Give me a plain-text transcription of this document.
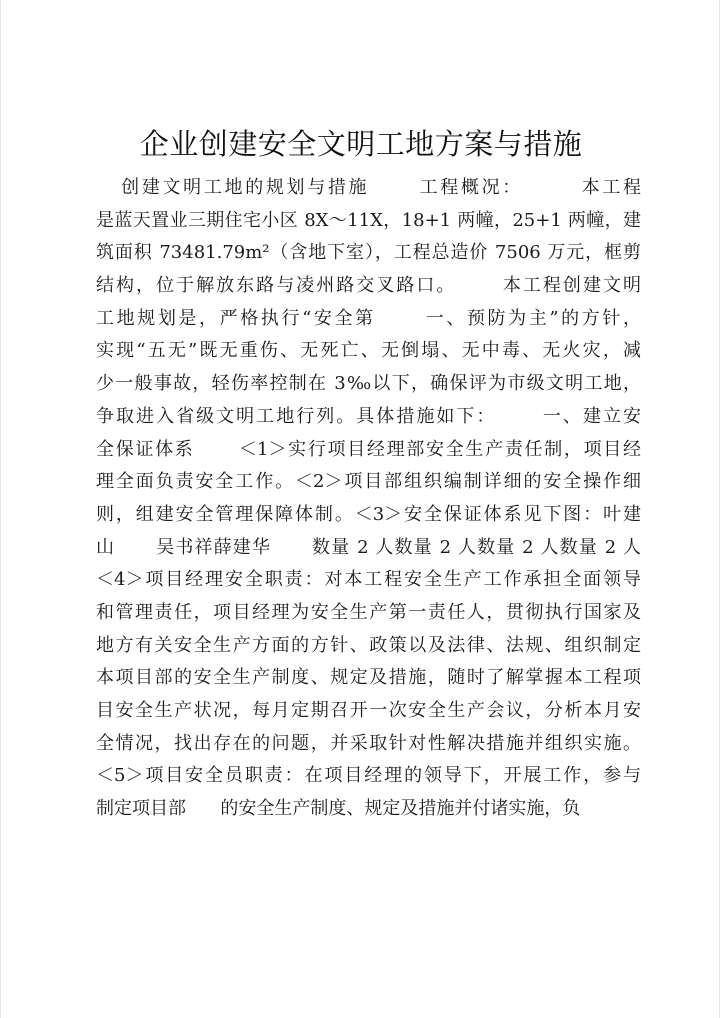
企业创建安全文明工地方案与措施
创建文明工地的规划与措施      工程概况：       本工程
是蓝天置业三期住宅小区 8X～11X，18+1 两幢，25+1 两幢，建
筑面积 73481.79m²（含地下室），工程总造价 7506 万元，框剪
结构，位于解放东路与凌州路交叉路口。      本工程创建文明
工地规划是，严格执行“安全第      一、预防为主”的方针，
实现“五无”既无重伤、无死亡、无倒塌、无中毒、无火灾，减
少一般事故，轻伤率控制在 3‰以下，确保评为市级文明工地，
争取进入省级文明工地行列。具体措施如下：      一、建立安
全保证体系      ＜1＞实行项目经理部安全生产责任制，项目经
理全面负责安全工作。＜2＞项目部组织编制详细的安全操作细
则，组建安全管理保障体制。＜3＞安全保证体系见下图：叶建
山      吴书祥薛建华      数量 2 人数量 2 人数量 2 人数量 2 人
＜4＞项目经理安全职责：对本工程安全生产工作承担全面领导
和管理责任，项目经理为安全生产第一责任人，贯彻执行国家及
地方有关安全生产方面的方针、政策以及法律、法规、组织制定
本项目部的安全生产制度、规定及措施，随时了解掌握本工程项
目安全生产状况，每月定期召开一次安全生产会议，分析本月安
全情况，找出存在的问题，并采取针对性解决措施并组织实施。
＜5＞项目安全员职责：在项目经理的领导下，开展工作，参与
制定项目部      的安全生产制度、规定及措施并付诸实施，负
